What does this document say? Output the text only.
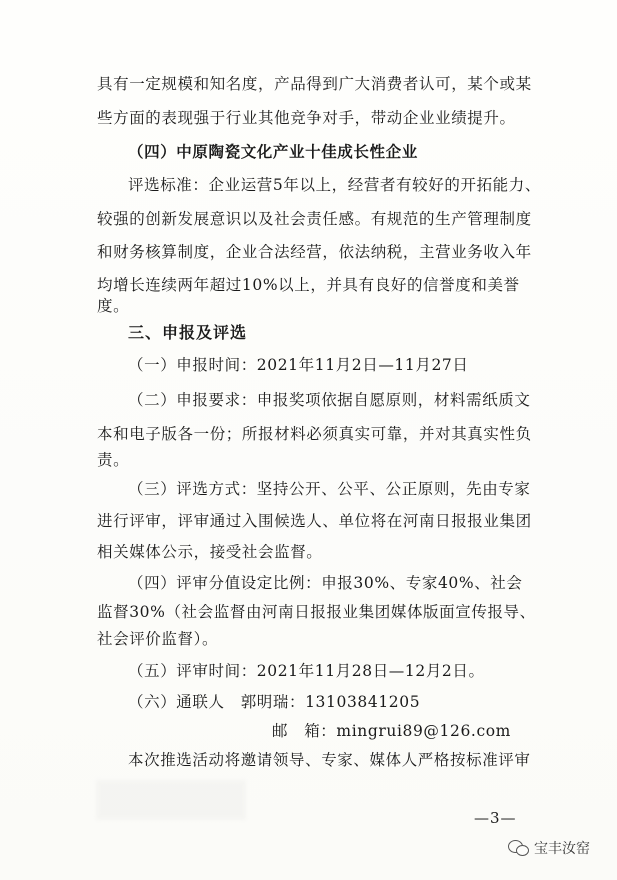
具有一定规模和知名度，产品得到广大消费者认可，某个或某
些方面的表现强于行业其他竞争对手，带动企业业绩提升。
（四）中原陶瓷文化产业十佳成长性企业
评选标准：企业运营5年以上，经营者有较好的开拓能力、
较强的创新发展意识以及社会责任感。有规范的生产管理制度
和财务核算制度，企业合法经营，依法纳税，主营业务收入年
均增长连续两年超过10%以上，并具有良好的信誉度和美誉
度。
三、申报及评选
（一）申报时间：2021年11月2日—11月27日
（二）申报要求：申报奖项依据自愿原则，材料需纸质文
本和电子版各一份；所报材料必须真实可靠，并对其真实性负
责。
（三）评选方式：坚持公开、公平、公正原则，先由专家
进行评审，评审通过入围候选人、单位将在河南日报报业集团
相关媒体公示，接受社会监督。
（四）评审分值设定比例：申报30%、专家40%、社会
监督30%（社会监督由河南日报报业集团媒体版面宣传报导、
社会评价监督）。
（五）评审时间：2021年11月28日—12月2日。
（六）通联人　郭明瑞：13103841205
邮　箱：mingrui89@126.com
本次推选活动将邀请领导、专家、媒体人严格按标准评审
—3—
宝丰汝窑
